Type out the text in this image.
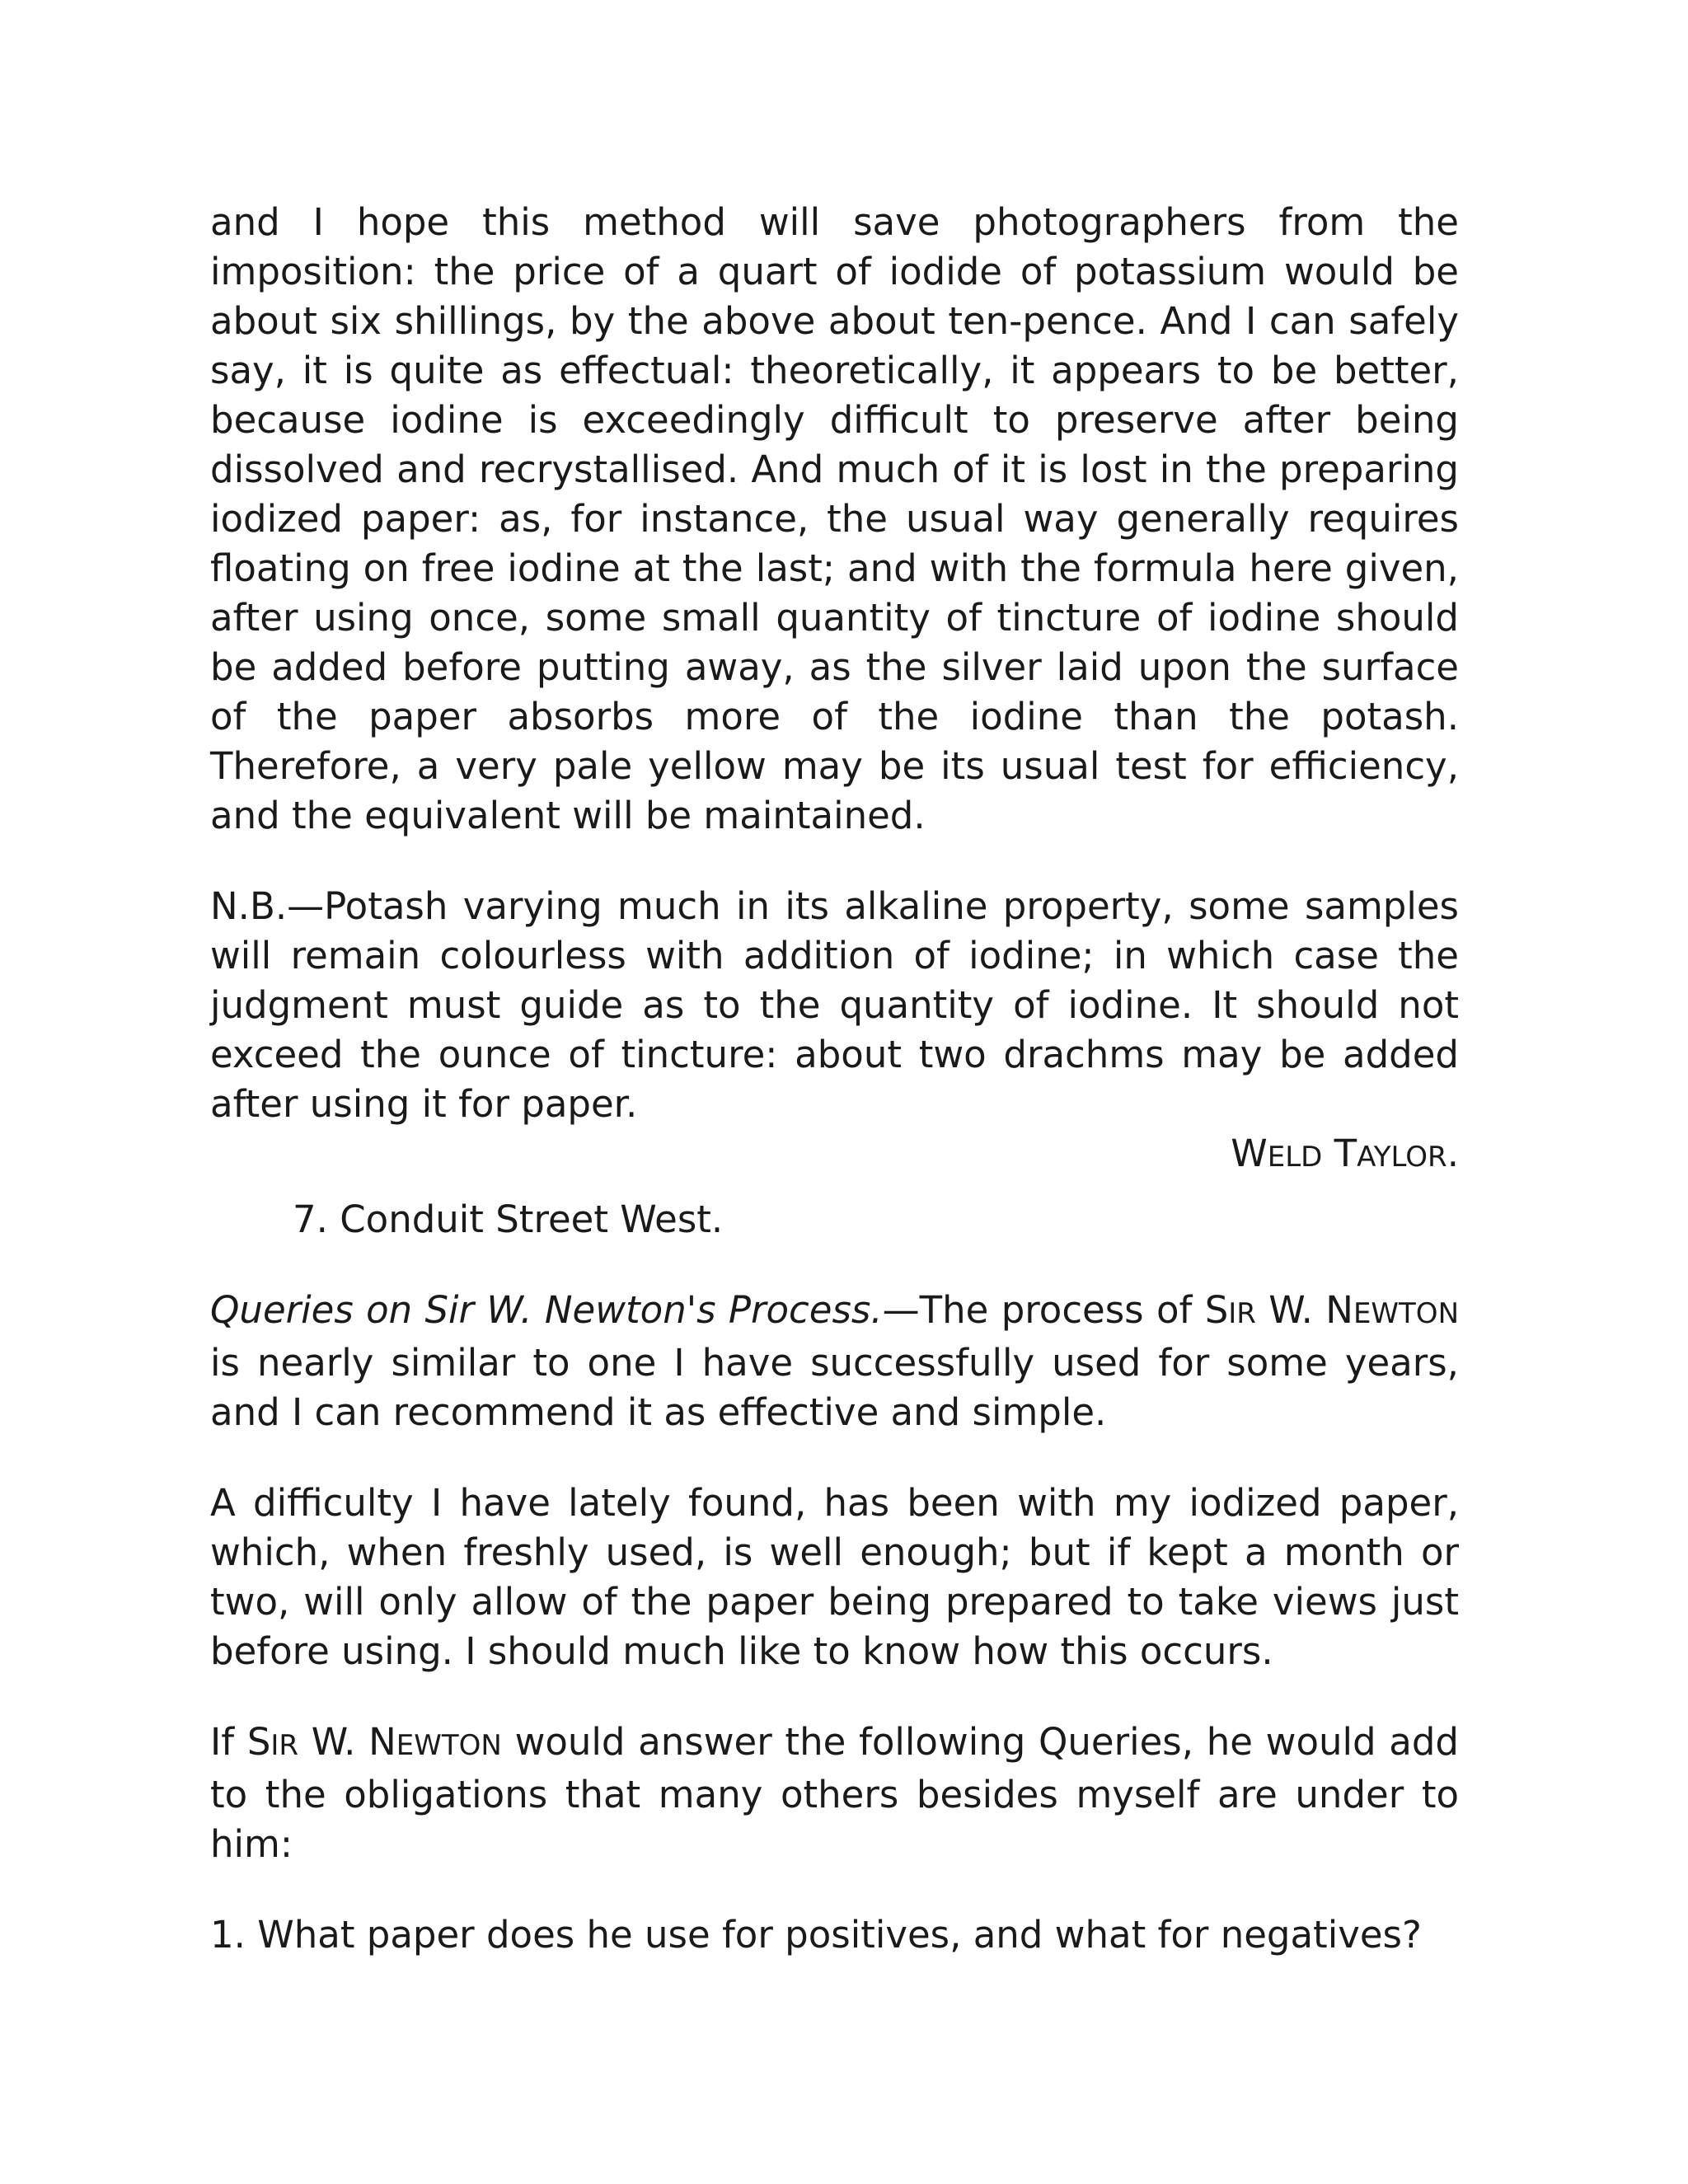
and I hope this method will save photographers from the imposition: the price of a quart of iodide of potassium would be about six shillings, by the above about ten-pence. And I can safely say, it is quite as effectual: theoretically, it appears to be better, because iodine is exceedingly difficult to preserve after being dissolved and recrystallised. And much of it is lost in the preparing iodized paper: as, for instance, the usual way generally requires floating on free iodine at the last; and with the formula here given, after using once, some small quantity of tincture of iodine should be added before putting away, as the silver laid upon the surface of the paper absorbs more of the iodine than the potash. Therefore, a very pale yellow may be its usual test for efficiency, and the equivalent will be maintained.

N.B.—Potash varying much in its alkaline property, some samples will remain colourless with addition of iodine; in which case the judgment must guide as to the quantity of iodine. It should not exceed the ounce of tincture: about two drachms may be added after using it for paper.

WELD TAYLOR.

7. Conduit Street West.

Queries on Sir W. Newton's Process.—The process of SIR W. NEWTON is nearly similar to one I have successfully used for some years, and I can recommend it as effective and simple.

A difficulty I have lately found, has been with my iodized paper, which, when freshly used, is well enough; but if kept a month or two, will only allow of the paper being prepared to take views just before using. I should much like to know how this occurs.

If SIR W. NEWTON would answer the following Queries, he would add to the obligations that many others besides myself are under to him:

1. What paper does he use for positives, and what for negatives?
